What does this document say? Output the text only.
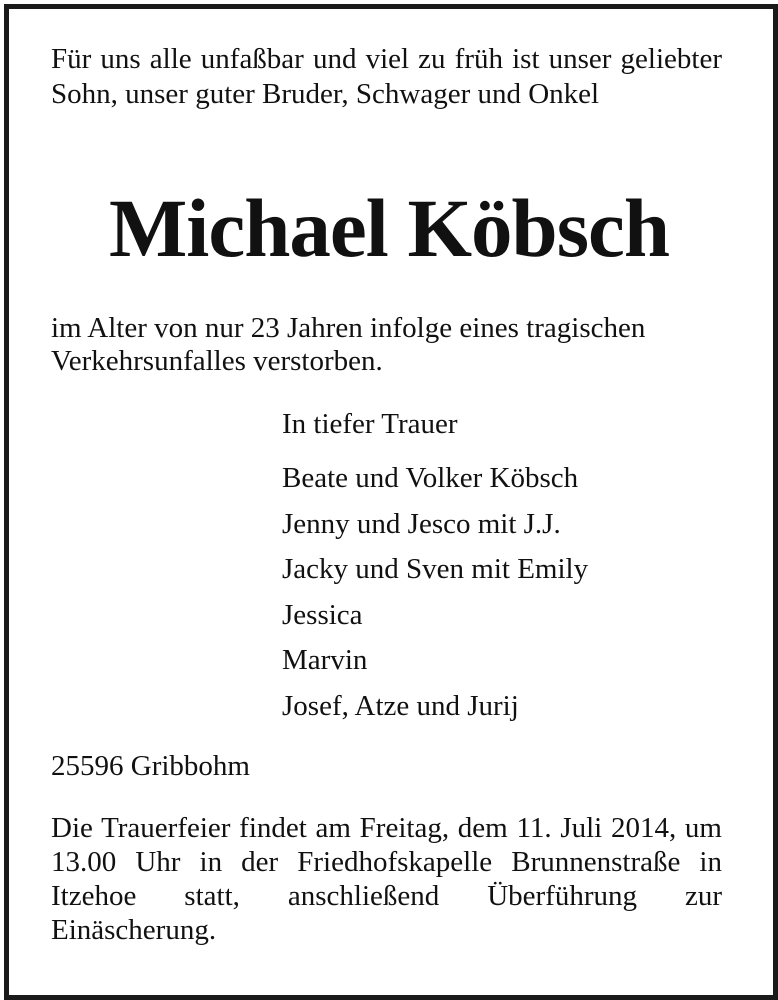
Für uns alle unfaßbar und viel zu früh ist unser geliebter Sohn, unser guter Bruder, Schwager und Onkel

Michael Köbsch

im Alter von nur 23 Jahren infolge eines tragischen Verkehrsunfalles verstorben.

In tiefer Trauer

Beate und Volker Köbsch
Jenny und Jesco mit J.J.
Jacky und Sven mit Emily
Jessica
Marvin
Josef, Atze und Jurij

25596 Gribbohm

Die Trauerfeier findet am Freitag, dem 11. Juli 2014, um 13.00 Uhr in der Friedhofskapelle Brunnenstraße in Itzehoe statt, anschließend Überführung zur Einäscherung.
